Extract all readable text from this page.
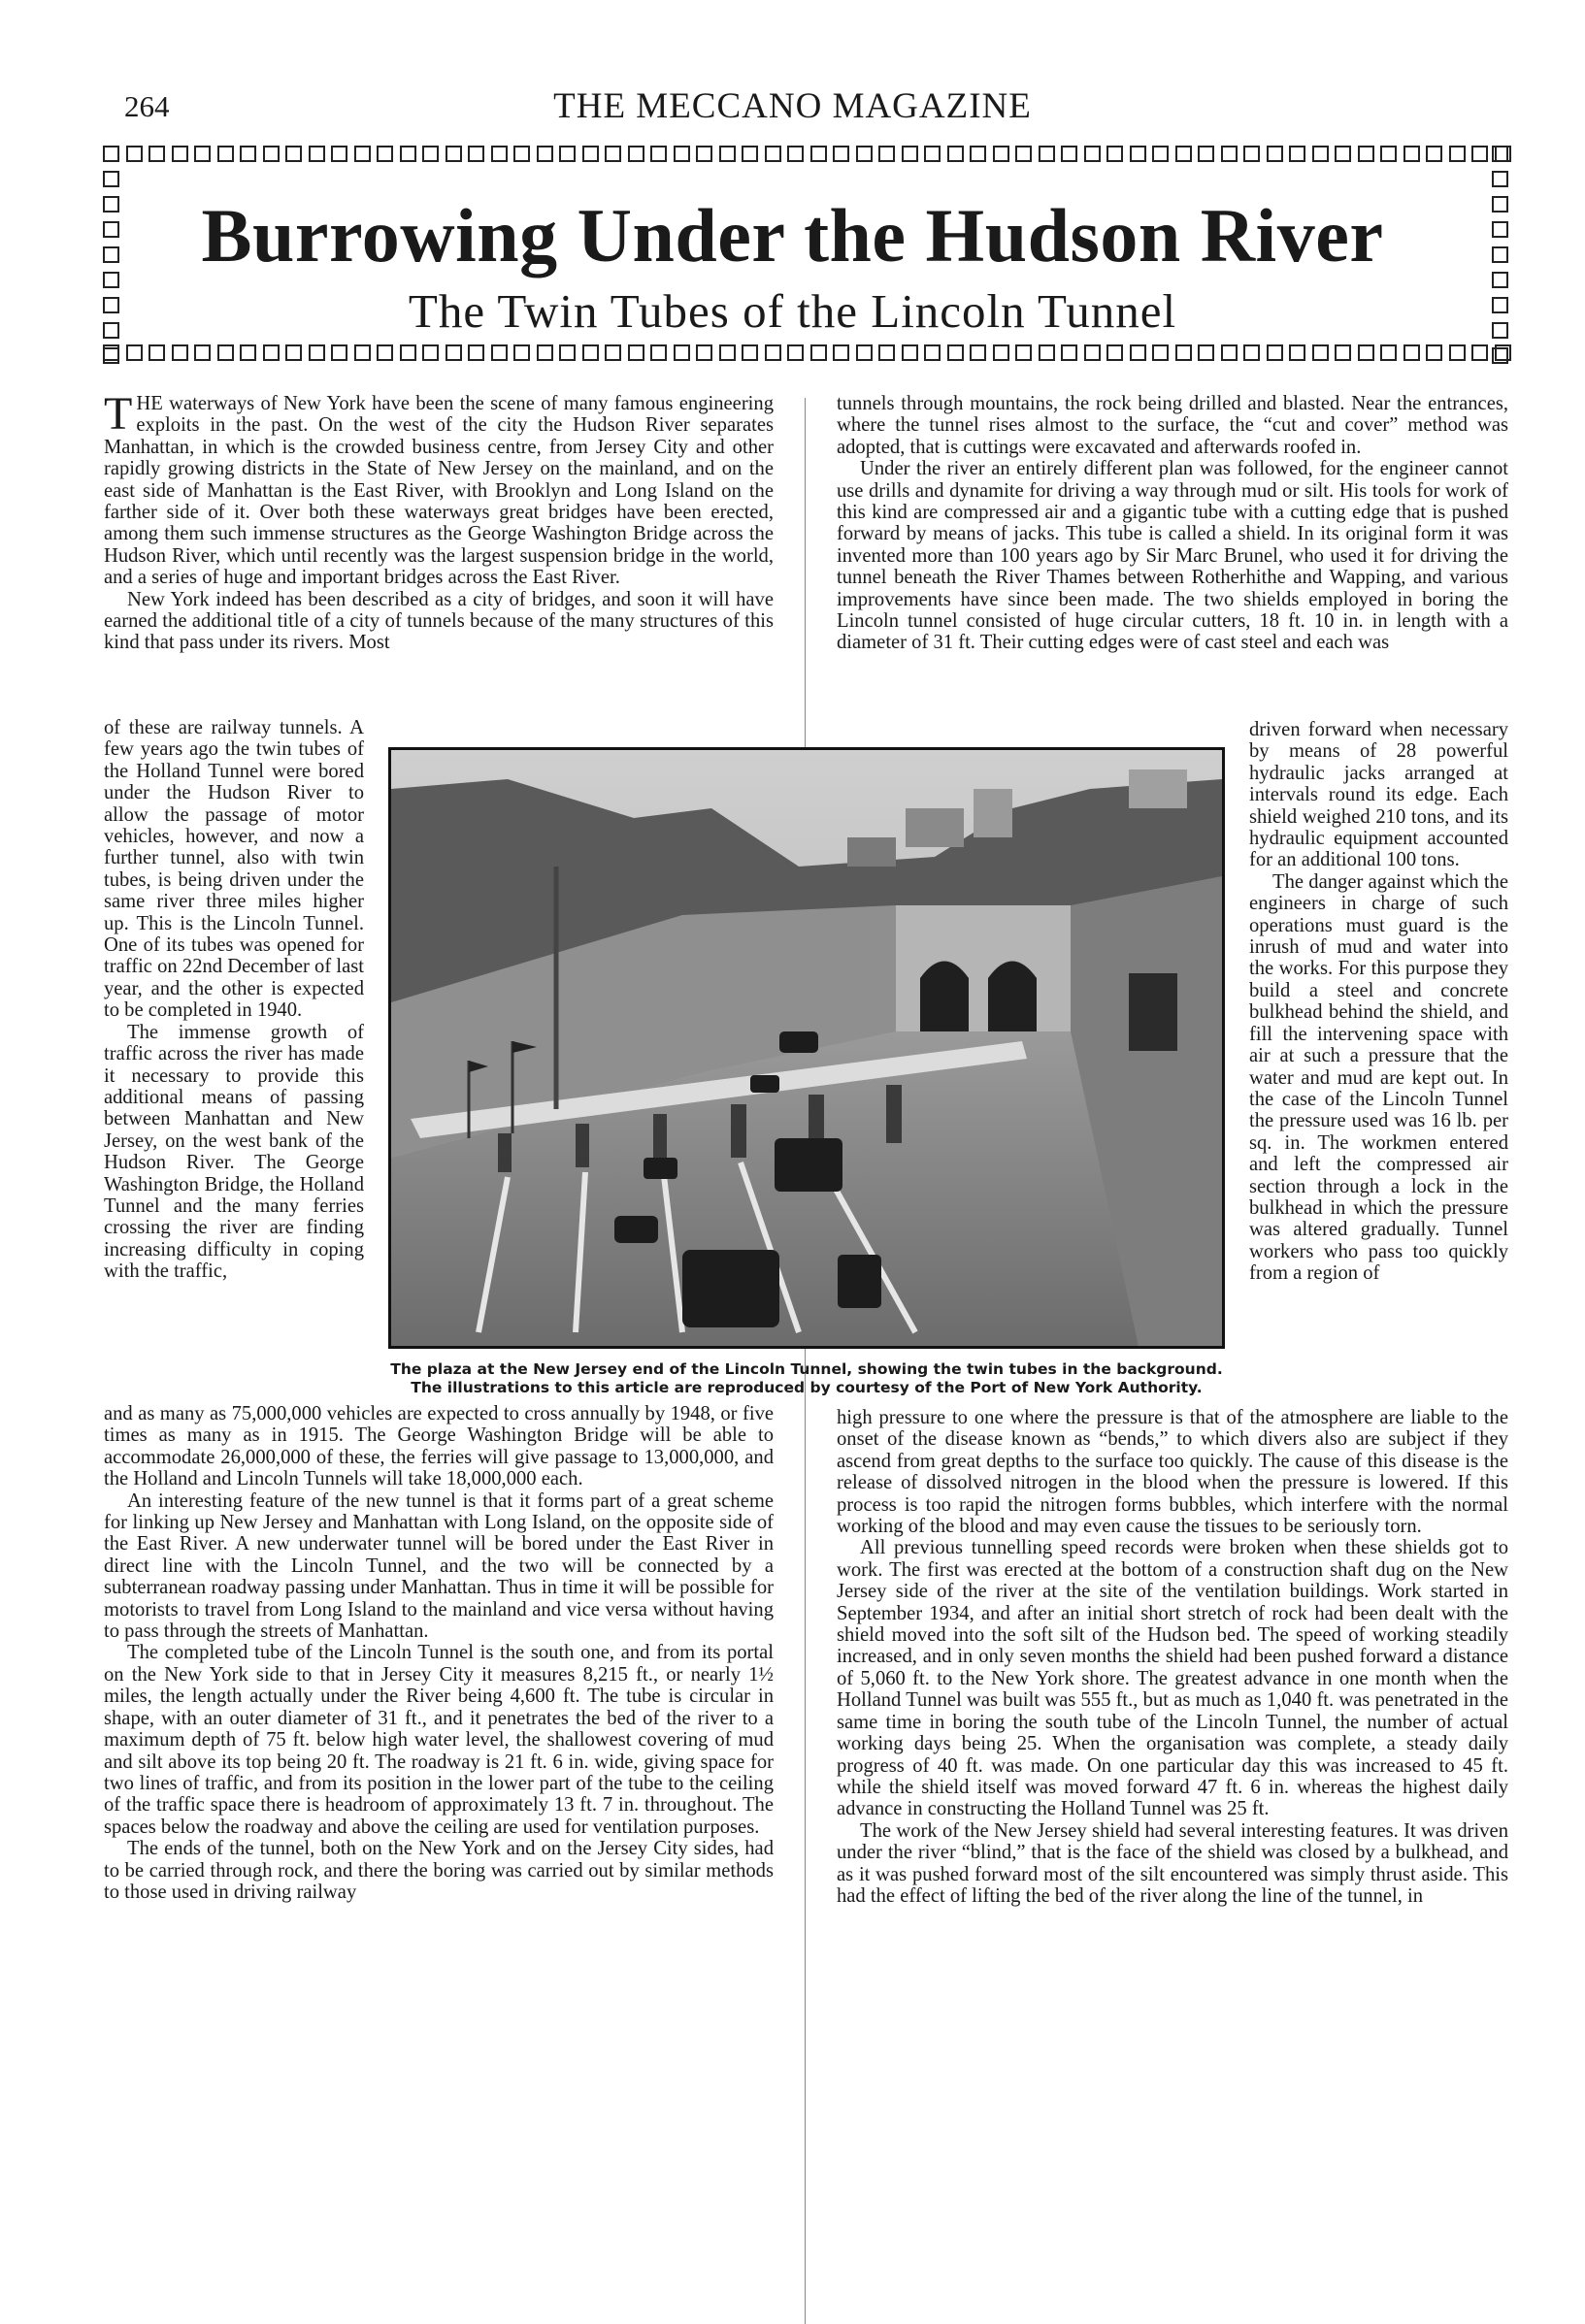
264	THE MECCANO MAGAZINE
Burrowing Under the Hudson River
The Twin Tubes of the Lincoln Tunnel

THE waterways of New York have been the scene of many famous engineering exploits in the past. On the west of the city the Hudson River separates Manhattan, in which is the crowded business centre, from Jersey City and other rapidly growing districts in the State of New Jersey on the mainland, and on the east side of Manhattan is the East River, with Brooklyn and Long Island on the farther side of it. Over both these waterways great bridges have been erected, among them such immense structures as the George Washington Bridge across the Hudson River, which until recently was the largest suspension bridge in the world, and a series of huge and important bridges across the East River.

New York indeed has been described as a city of bridges, and soon it will have earned the additional title of a city of tunnels because of the many structures of this kind that pass under its rivers. Most

of these are railway tunnels. A few years ago the twin tubes of the Holland Tunnel were bored under the Hudson River to allow the passage of motor vehicles, however, and now a further tunnel, also with twin tubes, is being driven under the same river three miles higher up. This is the Lincoln Tunnel. One of its tubes was opened for traffic on 22nd December of last year, and the other is expected to be completed in 1940.

The immense growth of traffic across the river has made it necessary to provide this additional means of passing between Manhattan and New Jersey, on the west bank of the Hudson River. The George Washington Bridge, the Holland Tunnel and the many ferries crossing the river are finding increasing difficulty in coping with the traffic,

and as many as 75,000,000 vehicles are expected to cross annually by 1948, or five times as many as in 1915. The George Washington Bridge will be able to accommodate 26,000,000 of these, the ferries will give passage to 13,000,000, and the Holland and Lincoln Tunnels will take 18,000,000 each.

An interesting feature of the new tunnel is that it forms part of a great scheme for linking up New Jersey and Manhattan with Long Island, on the opposite side of the East River. A new underwater tunnel will be bored under the East River in direct line with the Lincoln Tunnel, and the two will be connected by a subterranean roadway passing under Manhattan. Thus in time it will be possible for motorists to travel from Long Island to the mainland and vice versa without having to pass through the streets of Manhattan.

The completed tube of the Lincoln Tunnel is the south one, and from its portal on the New York side to that in Jersey City it measures 8,215 ft., or nearly 1½ miles, the length actually under the River being 4,600 ft. The tube is circular in shape, with an outer diameter of 31 ft., and it penetrates the bed of the river to a maximum depth of 75 ft. below high water level, the shallowest covering of mud and silt above its top being 20 ft. The roadway is 21 ft. 6 in. wide, giving space for two lines of traffic, and from its position in the lower part of the tube to the ceiling of the traffic space there is headroom of approximately 13 ft. 7 in. throughout. The spaces below the roadway and above the ceiling are used for ventilation purposes.

The ends of the tunnel, both on the New York and on the Jersey City sides, had to be carried through rock, and there the boring was carried out by similar methods to those used in driving railway

tunnels through mountains, the rock being drilled and blasted. Near the entrances, where the tunnel rises almost to the surface, the “cut and cover” method was adopted, that is cuttings were excavated and afterwards roofed in.

Under the river an entirely different plan was followed, for the engineer cannot use drills and dynamite for driving a way through mud or silt. His tools for work of this kind are compressed air and a gigantic tube with a cutting edge that is pushed forward by means of jacks. This tube is called a shield. In its original form it was invented more than 100 years ago by Sir Marc Brunel, who used it for driving the tunnel beneath the River Thames between Rotherhithe and Wapping, and various improvements have since been made. The two shields employed in boring the Lincoln tunnel consisted of huge circular cutters, 18 ft. 10 in. in length with a diameter of 31 ft. Their cutting edges were of cast steel and each was

driven forward when necessary by means of 28 powerful hydraulic jacks arranged at intervals round its edge. Each shield weighed 210 tons, and its hydraulic equipment accounted for an additional 100 tons.

The danger against which the engineers in charge of such operations must guard is the inrush of mud and water into the works. For this purpose they build a steel and concrete bulkhead behind the shield, and fill the intervening space with air at such a pressure that the water and mud are kept out. In the case of the Lincoln Tunnel the pressure used was 16 lb. per sq. in. The workmen entered and left the compressed air section through a lock in the bulkhead in which the pressure was altered gradually. Tunnel workers who pass too quickly from a region of

high pressure to one where the pressure is that of the atmosphere are liable to the onset of the disease known as “bends,” to which divers also are subject if they ascend from great depths to the surface too quickly. The cause of this disease is the release of dissolved nitrogen in the blood when the pressure is lowered. If this process is too rapid the nitrogen forms bubbles, which interfere with the normal working of the blood and may even cause the tissues to be seriously torn.

All previous tunnelling speed records were broken when these shields got to work. The first was erected at the bottom of a construction shaft dug on the New Jersey side of the river at the site of the ventilation buildings. Work started in September 1934, and after an initial short stretch of rock had been dealt with the shield moved into the soft silt of the Hudson bed. The speed of working steadily increased, and in only seven months the shield had been pushed forward a distance of 5,060 ft. to the New York shore. The greatest advance in one month when the Holland Tunnel was built was 555 ft., but as much as 1,040 ft. was penetrated in the same time in boring the south tube of the Lincoln Tunnel, the number of actual working days being 25. When the organisation was complete, a steady daily progress of 40 ft. was made. On one particular day this was increased to 45 ft. while the shield itself was moved forward 47 ft. 6 in. whereas the highest daily advance in constructing the Holland Tunnel was 25 ft.

The work of the New Jersey shield had several interesting features. It was driven under the river “blind,” that is the face of the shield was closed by a bulkhead, and as it was pushed forward most of the silt encountered was simply thrust aside. This had the effect of lifting the bed of the river along the line of the tunnel, in

The plaza at the New Jersey end of the Lincoln Tunnel, showing the twin tubes in the background. The illustrations to this article are reproduced by courtesy of the Port of New York Authority.
